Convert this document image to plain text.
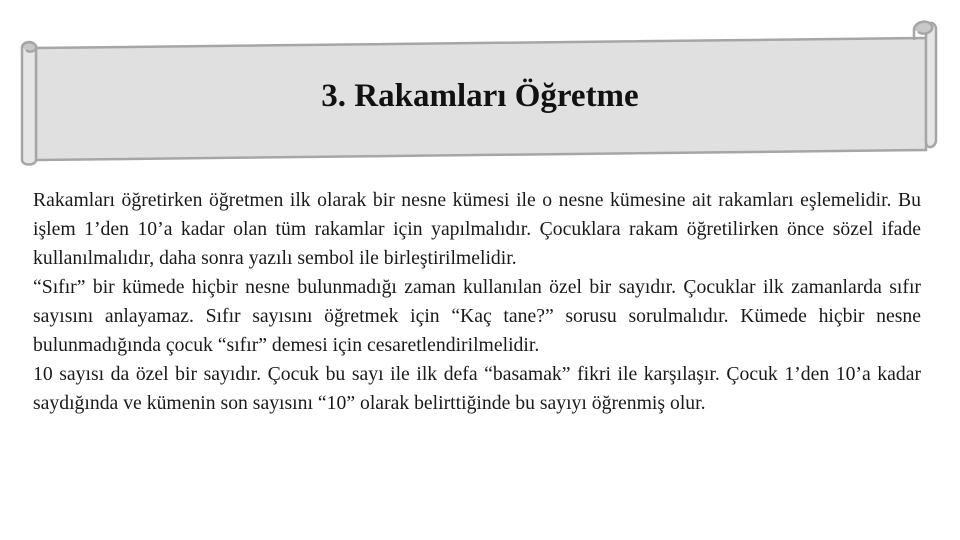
3. Rakamları Öğretme

Rakamları öğretirken öğretmen ilk olarak bir nesne kümesi ile o nesne kümesine ait rakamları eşlemelidir. Bu işlem 1’den 10’a kadar olan tüm rakamlar için yapılmalıdır. Çocuklara rakam öğretilirken önce sözel ifade kullanılmalıdır, daha sonra yazılı sembol ile birleştirilmelidir.

“Sıfır” bir kümede hiçbir nesne bulunmadığı zaman kullanılan özel bir sayıdır. Çocuklar ilk zamanlarda sıfır sayısını anlayamaz. Sıfır sayısını öğretmek için “Kaç tane?” sorusu sorulmalıdır. Kümede hiçbir nesne bulunmadığında çocuk “sıfır” demesi için cesaretlendirilmelidir.

10 sayısı da özel bir sayıdır. Çocuk bu sayı ile ilk defa “basamak” fikri ile karşılaşır. Çocuk 1’den 10’a kadar saydığında ve kümenin son sayısını “10” olarak belirttiğinde bu sayıyı öğrenmiş olur.
